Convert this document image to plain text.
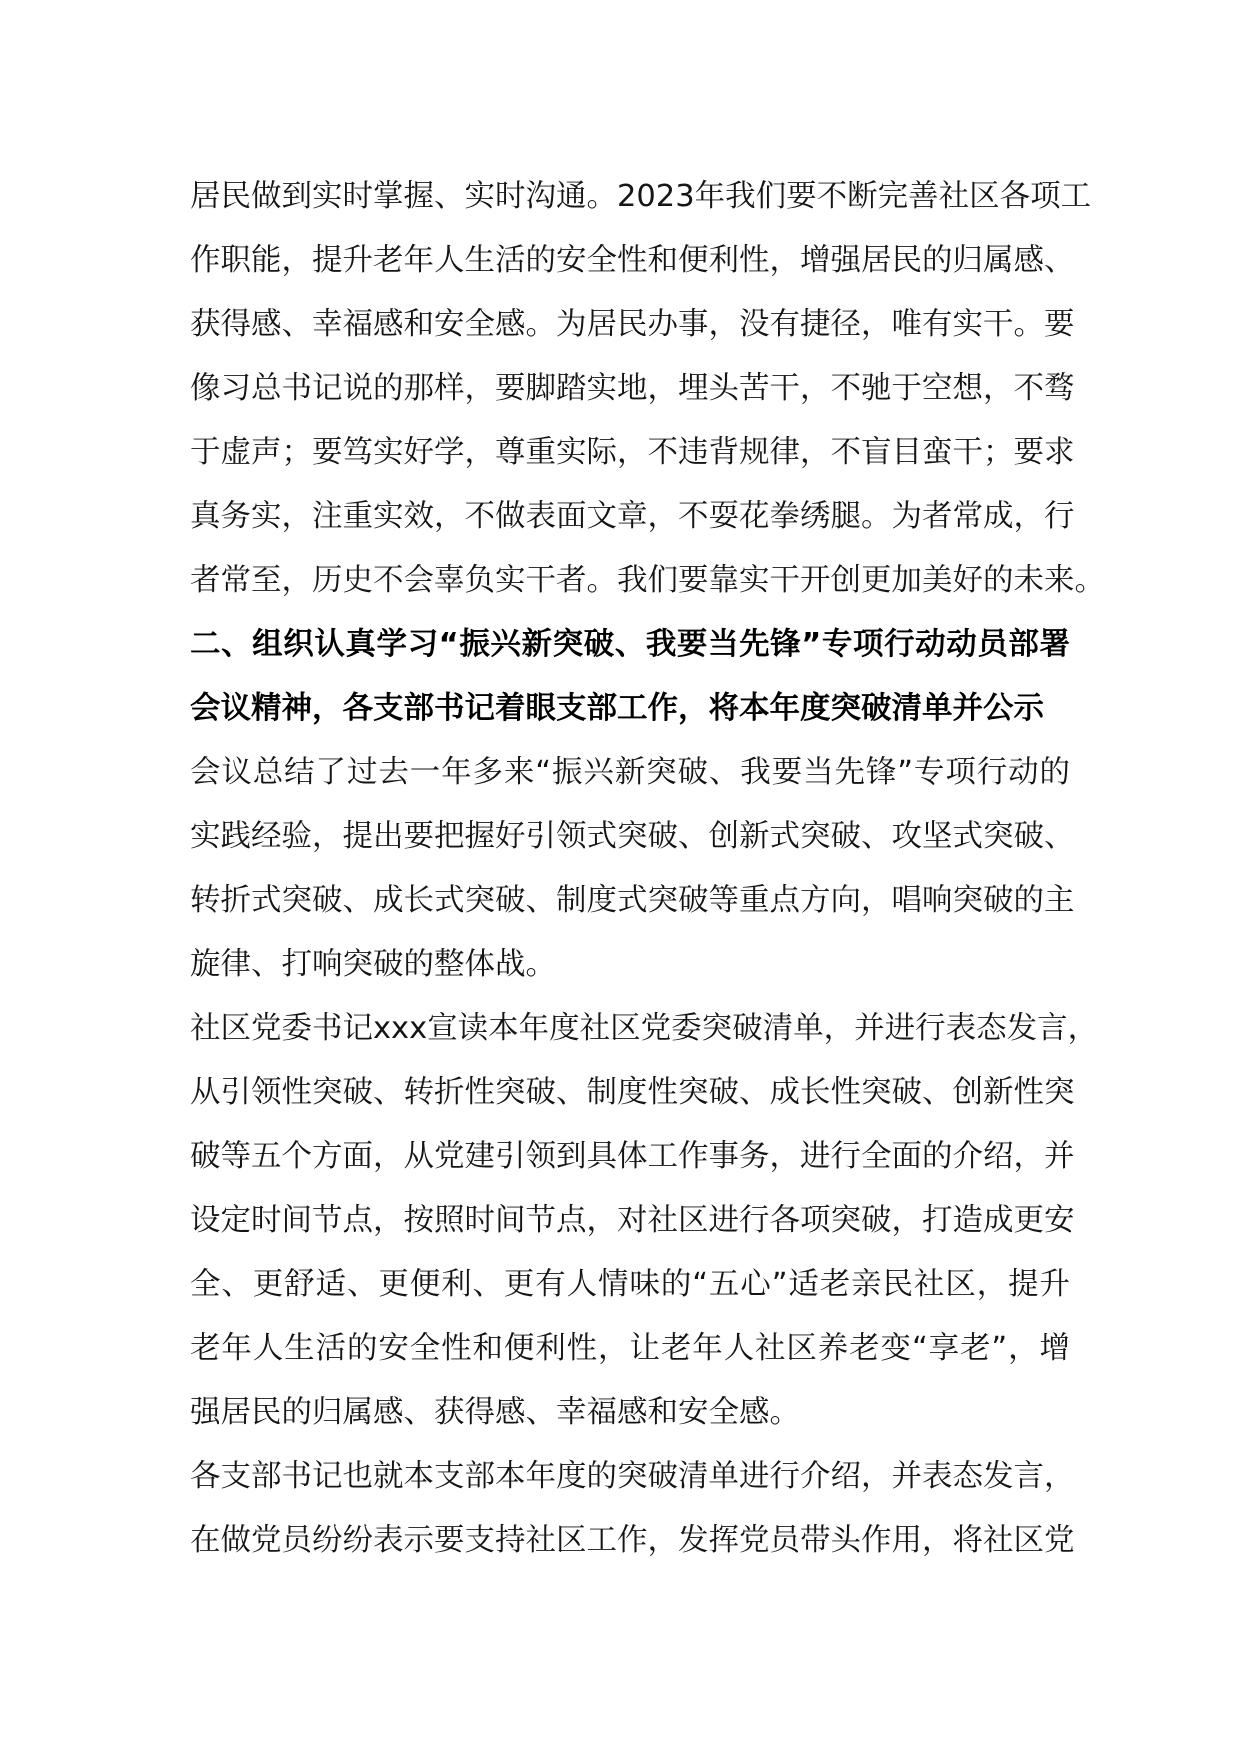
居民做到实时掌握、实时沟通。2023年我们要不断完善社区各项工
作职能，提升老年人生活的安全性和便利性，增强居民的归属感、
获得感、幸福感和安全感。为居民办事，没有捷径，唯有实干。要
像习总书记说的那样，要脚踏实地，埋头苦干，不驰于空想，不骛
于虚声；要笃实好学，尊重实际，不违背规律，不盲目蛮干；要求
真务实，注重实效，不做表面文章，不耍花拳绣腿。为者常成，行
者常至，历史不会辜负实干者。我们要靠实干开创更加美好的未来。
二、组织认真学习“振兴新突破、我要当先锋”专项行动动员部署
会议精神，各支部书记着眼支部工作，将本年度突破清单并公示
会议总结了过去一年多来“振兴新突破、我要当先锋”专项行动的
实践经验，提出要把握好引领式突破、创新式突破、攻坚式突破、
转折式突破、成长式突破、制度式突破等重点方向，唱响突破的主
旋律、打响突破的整体战。
社区党委书记xxx宣读本年度社区党委突破清单，并进行表态发言，
从引领性突破、转折性突破、制度性突破、成长性突破、创新性突
破等五个方面，从党建引领到具体工作事务，进行全面的介绍，并
设定时间节点，按照时间节点，对社区进行各项突破，打造成更安
全、更舒适、更便利、更有人情味的“五心”适老亲民社区，提升
老年人生活的安全性和便利性，让老年人社区养老变“享老”，增
强居民的归属感、获得感、幸福感和安全感。
各支部书记也就本支部本年度的突破清单进行介绍，并表态发言，
在做党员纷纷表示要支持社区工作，发挥党员带头作用，将社区党
